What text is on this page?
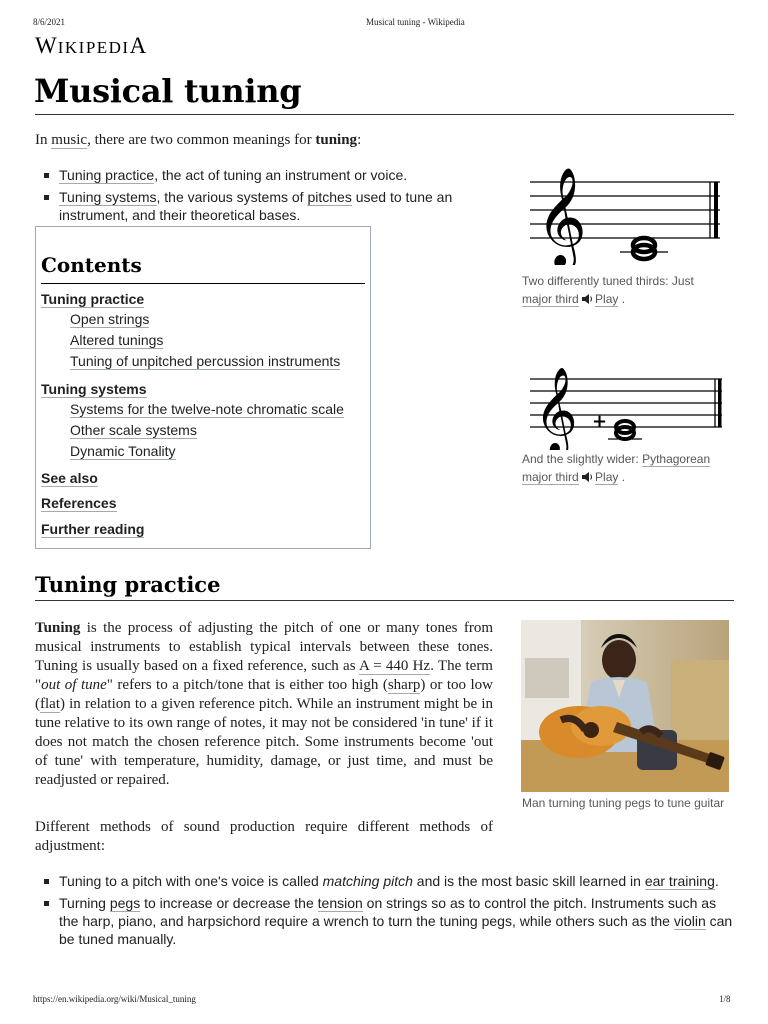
8/6/2021	Musical tuning - Wikipedia
WIKIPEDIA
Musical tuning
In music, there are two common meanings for tuning:
Tuning practice, the act of tuning an instrument or voice.
Tuning systems, the various systems of pitches used to tune an instrument, and their theoretical bases.
Contents
Tuning practice
Open strings
Altered tunings
Tuning of unpitched percussion instruments
Tuning systems
Systems for the twelve-note chromatic scale
Other scale systems
Dynamic Tonality
See also
References
Further reading
𝄞
Two differently tuned thirds: Just
major third Play .
𝄞 +
And the slightly wider: Pythagorean
major third Play .
Tuning practice
Man turning tuning pegs to tune guitar

Tuning is the process of adjusting the pitch of one or many tones from musical instruments to establish typical intervals between these tones. Tuning is usually based on a fixed reference, such as A = 440 Hz. The term "out of tune" refers to a pitch/tone that is either too high (sharp) or too low (flat) in relation to a given reference pitch. While an instrument might be in tune relative to its own range of notes, it may not be considered 'in tune' if it does not match the chosen reference pitch. Some instruments become 'out of tune' with temperature, humidity, damage, or just time, and must be readjusted or repaired.

Different methods of sound production require different methods of adjustment:
Tuning to a pitch with one's voice is called matching pitch and is the most basic skill learned in ear training.
Turning pegs to increase or decrease the tension on strings so as to control the pitch. Instruments such as the harp, piano, and harpsichord require a wrench to turn the tuning pegs, while others such as the violin can be tuned manually.
https://en.wikipedia.org/wiki/Musical_tuning	1/8
